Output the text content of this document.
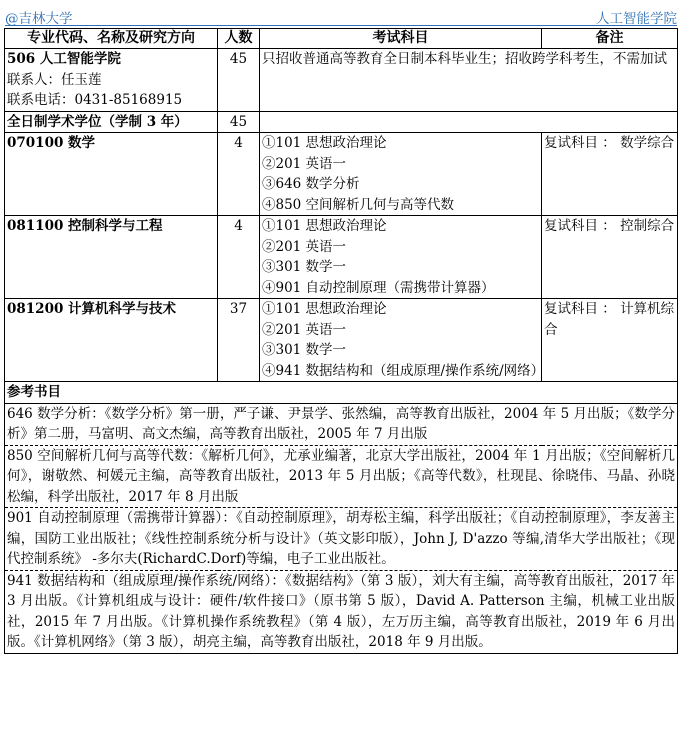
@吉林大学	人工智能学院
专业代码、名称及研究方向	人数	考试科目	备注

506 人工智能学院
联系人：任玉莲
联系电话：0431-85168915	45	只招收普通高等教育全日制本科毕业生；招收跨学科考生，不需加试	
全日制学术学位（学制 3 年）	45		
070100 数学	4	①101 思想政治理论
②201 英语一
③646 数学分析
④850 空间解析几何与高等代数	复试科目 ： 数学综合
081100 控制科学与工程	4	①101 思想政治理论
②201 英语一
③301 数学一
④901 自动控制原理（需携带计算器）	复试科目 ： 控制综合
081200 计算机科学与技术	37	①101 思想政治理论
②201 英语一
③301 数学一
④941 数据结构和（组成原理/操作系统/网络）	复试科目 ： 计算机综合
参考书目			
646 数学分析：《数学分析》第一册，严子谦、尹景学、张然编，高等教育出版社，2004 年 5 月出版；《数学分析》第二册，马富明、高文杰编，高等教育出版社，2005 年 7 月出版			
850 空间解析几何与高等代数：《解析几何》，尤承业编著，北京大学出版社，2004 年 1 月出版；《空间解析几何》，谢敬然、柯媛元主编，高等教育出版社，2013 年 5 月出版；《高等代数》，杜现昆、徐晓伟、马晶、孙晓松编，科学出版社，2017 年 8 月出版			
901 自动控制原理（需携带计算器）：《自动控制原理》，胡寿松主编，科学出版社；《自动控制原理》，李友善主编，国防工业出版社；《线性控制系统分析与设计》（英文影印版），John J, D'azzo 等编,清华大学出版社；《现代控制系统》 -多尔夫(RichardC.Dorf)等编，电子工业出版社。			
941 数据结构和（组成原理/操作系统/网络）：《数据结构》（第 3 版），刘大有主编，高等教育出版社，2017 年 3 月出版。《计算机组成与设计：硬件/软件接口》（原书第 5 版），David A. Patterson 主编，机械工业出版社，2015 年 7 月出版。《计算机操作系统教程》（第 4 版），左万历主编，高等教育出版社，2019 年 6 月出版。《计算机网络》（第 3 版），胡亮主编，高等教育出版社，2018 年 9 月出版。			
